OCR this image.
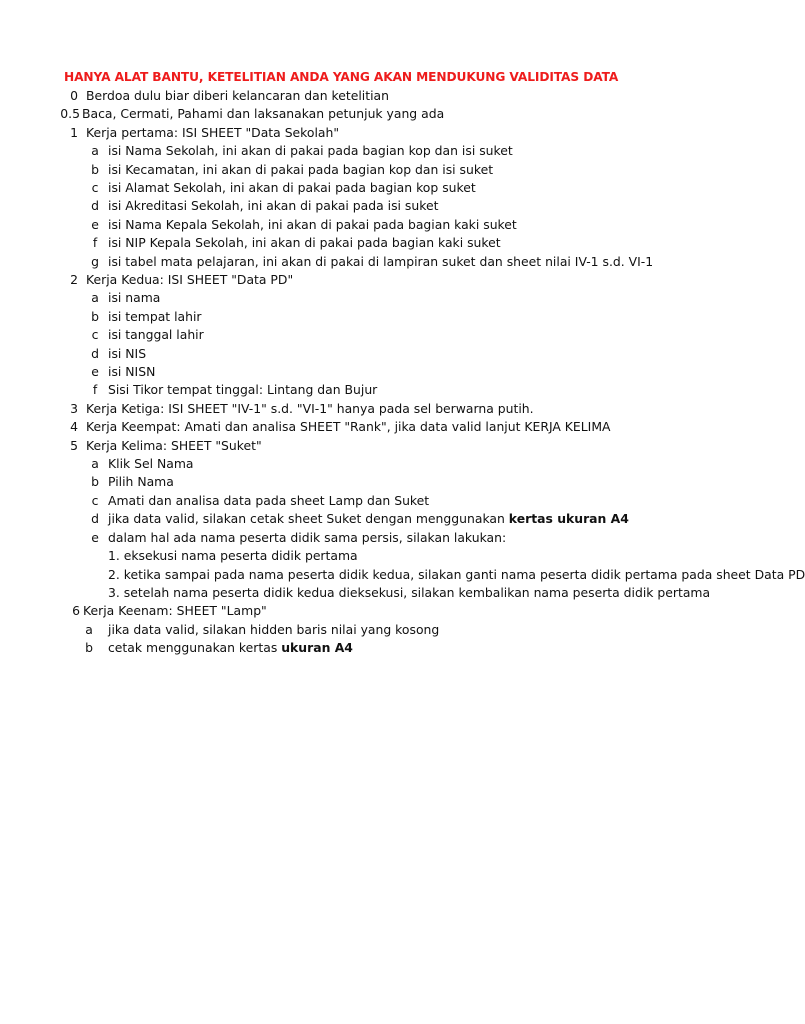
HANYA ALAT BANTU, KETELITIAN ANDA YANG AKAN MENDUKUNG VALIDITAS DATA
0 Berdoa dulu biar diberi kelancaran dan ketelitian
0.5 Baca, Cermati, Pahami dan laksanakan petunjuk yang ada
1 Kerja pertama: ISI SHEET "Data Sekolah"
a isi Nama Sekolah, ini akan di pakai pada bagian kop dan isi suket
b isi Kecamatan, ini akan di pakai pada bagian kop dan isi suket
c isi Alamat Sekolah, ini akan di pakai pada bagian kop suket
d isi Akreditasi Sekolah, ini akan di pakai pada isi suket
e isi Nama Kepala Sekolah, ini akan di pakai pada bagian kaki suket
f isi NIP Kepala Sekolah, ini akan di pakai pada bagian kaki suket
g isi tabel mata pelajaran, ini akan di pakai di lampiran suket dan sheet nilai IV-1 s.d. VI-1
2 Kerja Kedua: ISI SHEET "Data PD"
a isi nama
b isi tempat lahir
c isi tanggal lahir
d isi NIS
e isi NISN
f Sisi Tikor tempat tinggal: Lintang dan Bujur
3 Kerja Ketiga: ISI SHEET "IV-1" s.d. "VI-1" hanya pada sel berwarna putih.
4 Kerja Keempat: Amati dan analisa SHEET "Rank", jika data valid lanjut KERJA KELIMA
5 Kerja Kelima: SHEET "Suket"
a Klik Sel Nama
b Pilih Nama
c Amati dan analisa data pada sheet Lamp dan Suket
d jika data valid, silakan cetak sheet Suket dengan menggunakan kertas ukuran A4
e dalam hal ada nama peserta didik sama persis, silakan lakukan:
1. eksekusi nama peserta didik pertama
2. ketika sampai pada nama peserta didik kedua, silakan ganti nama peserta didik pertama pada sheet Data PD
3. setelah nama peserta didik kedua dieksekusi, silakan kembalikan nama peserta didik pertama
6 Kerja Keenam: SHEET "Lamp"
a jika data valid, silakan hidden baris nilai yang kosong
b cetak menggunakan kertas ukuran A4
